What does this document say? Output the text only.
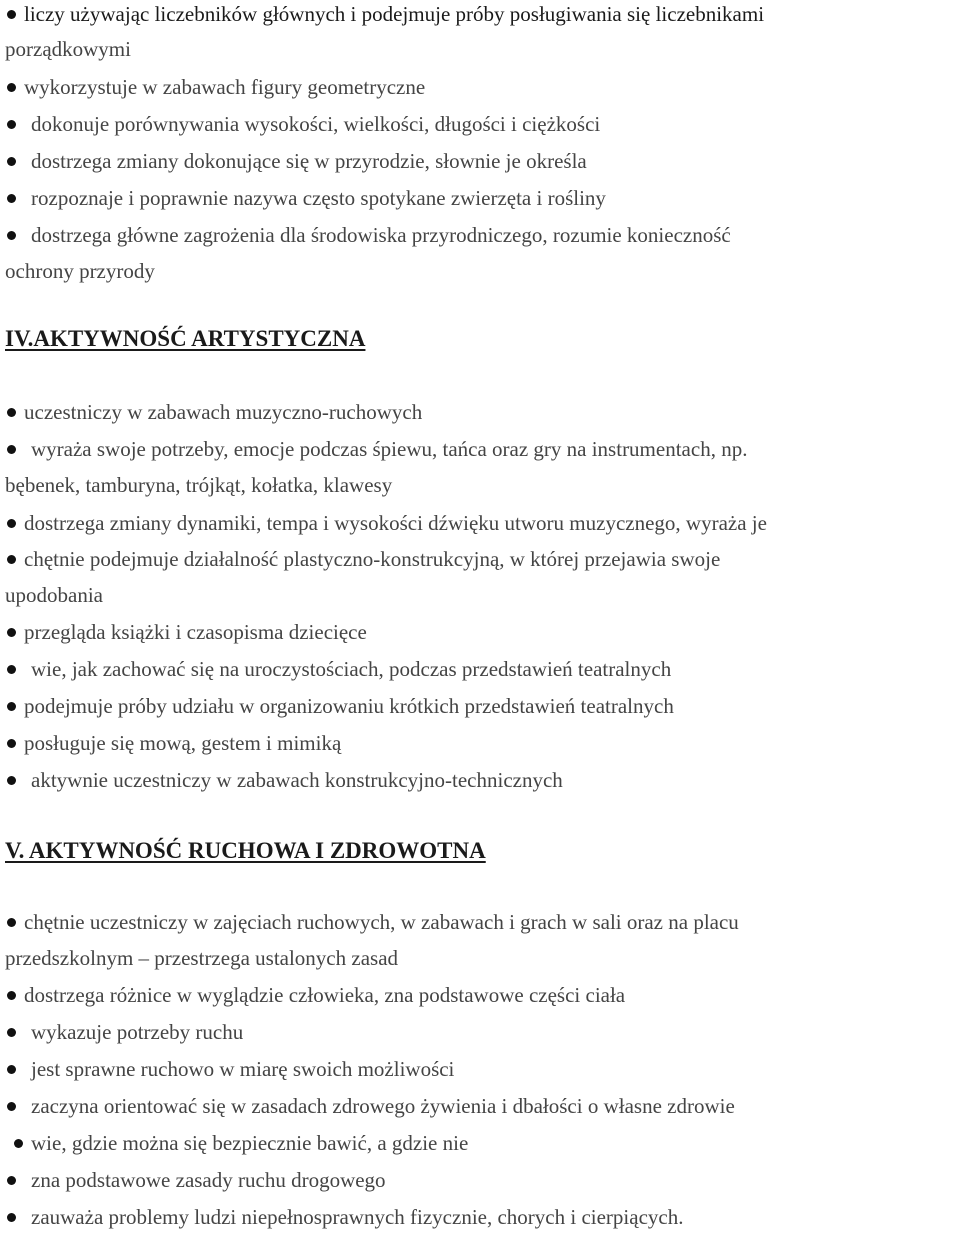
liczy używając liczebników głównych i podejmuje próby posługiwania się liczebnikami
porządkowymi
wykorzystuje w zabawach figury geometryczne
dokonuje porównywania wysokości, wielkości, długości i ciężkości
dostrzega zmiany dokonujące się w przyrodzie, słownie je określa
rozpoznaje i poprawnie nazywa często spotykane zwierzęta i rośliny
dostrzega główne zagrożenia dla środowiska przyrodniczego, rozumie konieczność
ochrony przyrody
IV.AKTYWNOŚĆ ARTYSTYCZNA
uczestniczy w zabawach muzyczno-ruchowych
wyraża swoje potrzeby, emocje podczas śpiewu, tańca oraz gry na instrumentach, np.
bębenek, tamburyna, trójkąt, kołatka, klawesy
dostrzega zmiany dynamiki, tempa i wysokości dźwięku utworu muzycznego, wyraża je
chętnie podejmuje działalność plastyczno-konstrukcyjną, w której przejawia swoje
upodobania
przegląda książki i czasopisma dziecięce
wie, jak zachować się na uroczystościach, podczas przedstawień teatralnych
podejmuje próby udziału w organizowaniu krótkich przedstawień teatralnych
posługuje się mową, gestem i mimiką
aktywnie uczestniczy w zabawach konstrukcyjno-technicznych
V. AKTYWNOŚĆ RUCHOWA I ZDROWOTNA
chętnie uczestniczy w zajęciach ruchowych, w zabawach i grach w sali oraz na placu
przedszkolnym – przestrzega ustalonych zasad
dostrzega różnice w wyglądzie człowieka, zna podstawowe części ciała
wykazuje potrzeby ruchu
jest sprawne ruchowo w miarę swoich możliwości
zaczyna orientować się w zasadach zdrowego żywienia i dbałości o własne zdrowie
wie, gdzie można się bezpiecznie bawić, a gdzie nie
zna podstawowe zasady ruchu drogowego
zauważa problemy ludzi niepełnosprawnych fizycznie, chorych i cierpiących.
